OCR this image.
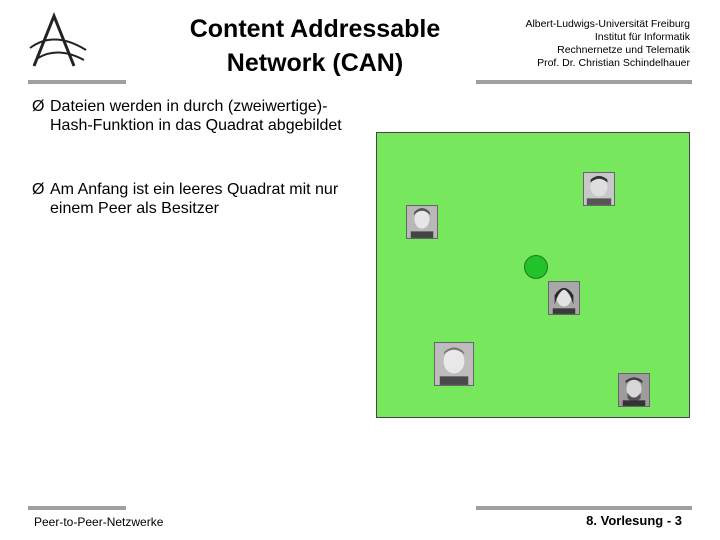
Content Addressable
Network (CAN)
Albert-Ludwigs-Universität Freiburg
Institut für Informatik
Rechnernetze und Telematik
Prof. Dr. Christian Schindelhauer
Ø Dateien werden in durch (zweiwertige)-Hash-Funktion in das Quadrat abgebildet
Ø Am Anfang ist ein leeres Quadrat mit nur einem Peer als Besitzer
Peer-to-Peer-Netzwerke	8. Vorlesung - 3
